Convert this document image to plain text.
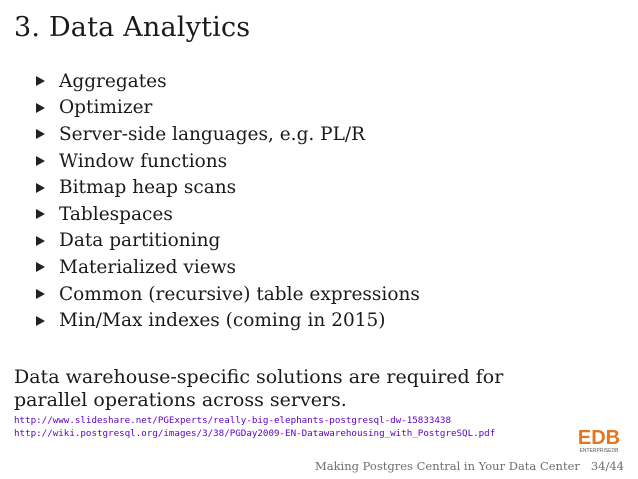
3. Data Analytics
Aggregates
Optimizer
Server-side languages, e.g. PL/R
Window functions
Bitmap heap scans
Tablespaces
Data partitioning
Materialized views
Common (recursive) table expressions
Min/Max indexes (coming in 2015)
Data warehouse-specific solutions are required for parallel operations across servers.
http://www.slideshare.net/PGExperts/really-big-elephants-postgresql-dw-15833438
http://wiki.postgresql.org/images/3/38/PGDay2009-EN-Datawarehousing_with_PostgreSQL.pdf	EDB
ENTERPRISEDB
Making Postgres Central in Your Data Center 34/44
